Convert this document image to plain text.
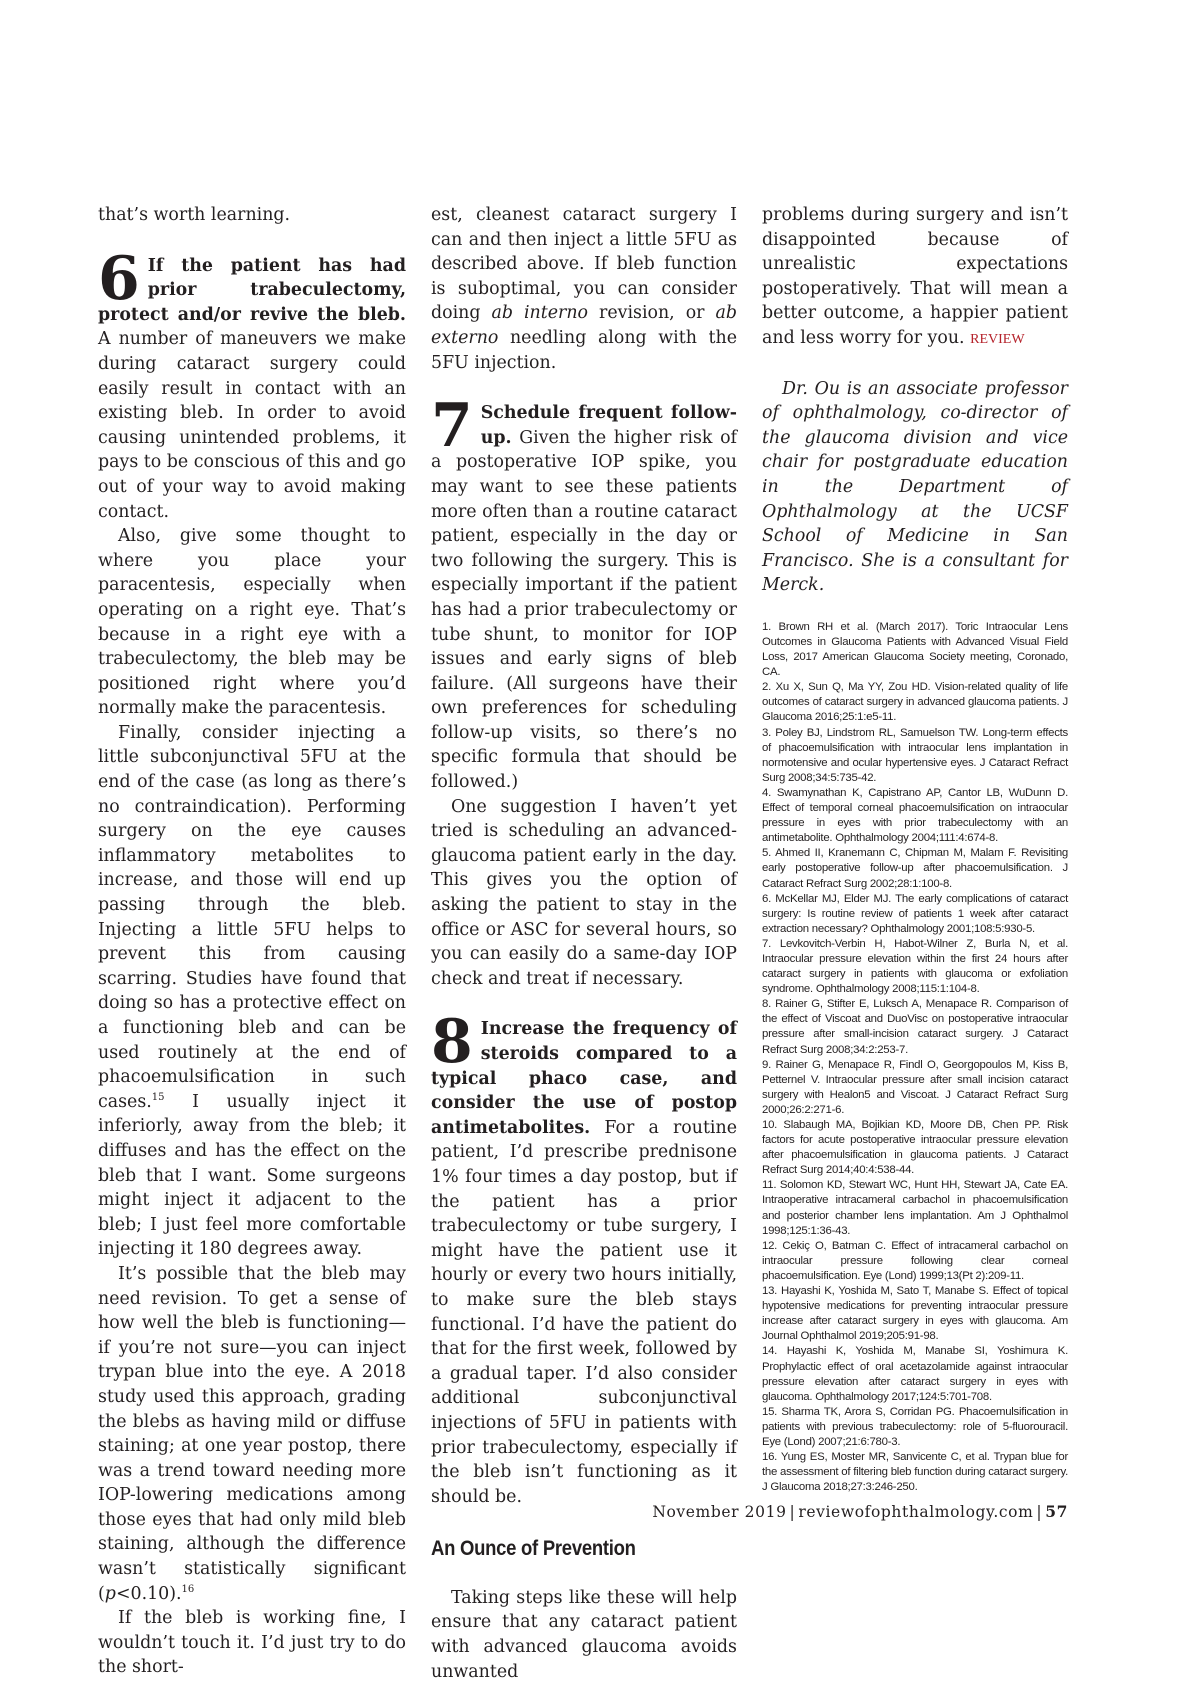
that’s worth learning.

6 If the patient has had prior trabeculectomy, protect and/or revive the bleb. A number of maneuvers we make during cataract surgery could easily result in contact with an existing bleb. In order to avoid causing unintended problems, it pays to be conscious of this and go out of your way to avoid making contact.

Also, give some thought to where you place your paracentesis, especially when operating on a right eye. That’s because in a right eye with a trabeculectomy, the bleb may be positioned right where you’d normally make the paracentesis.

Finally, consider injecting a little subconjunctival 5FU at the end of the case (as long as there’s no contraindication). Performing surgery on the eye causes inflammatory metabolites to increase, and those will end up passing through the bleb. Injecting a little 5FU helps to prevent this from causing scarring. Studies have found that doing so has a protective effect on a functioning bleb and can be used routinely at the end of phacoemulsification in such cases.$^{15}$ I usually inject it inferiorly, away from the bleb; it diffuses and has the effect on the bleb that I want. Some surgeons might inject it adjacent to the bleb; I just feel more comfortable injecting it 180 degrees away.

It’s possible that the bleb may need revision. To get a sense of how well the bleb is functioning—if you’re not sure—you can inject trypan blue into the eye. A 2018 study used this approach, grading the blebs as having mild or diffuse staining; at one year postop, there was a trend toward needing more IOP-lowering medications among those eyes that had only mild bleb staining, although the difference wasn’t statistically significant (p<0.10).$^{16}$

If the bleb is working fine, I wouldn’t touch it. I’d just try to do the short-

est, cleanest cataract surgery I can and then inject a little 5FU as described above. If bleb function is suboptimal, you can consider doing ab interno revision, or ab externo needling along with the 5FU injection.

7 Schedule frequent follow-up. Given the higher risk of a postoperative IOP spike, you may want to see these patients more often than a routine cataract patient, especially in the day or two following the surgery. This is especially important if the patient has had a prior trabeculectomy or tube shunt, to monitor for IOP issues and early signs of bleb failure. (All surgeons have their own preferences for scheduling follow-up visits, so there’s no specific formula that should be followed.)

One suggestion I haven’t yet tried is scheduling an advanced-glaucoma patient early in the day. This gives you the option of asking the patient to stay in the office or ASC for several hours, so you can easily do a same-day IOP check and treat if necessary.

8 Increase the frequency of steroids compared to a typical phaco case, and consider the use of postop antimetabolites. For a routine patient, I’d prescribe prednisone 1% four times a day postop, but if the patient has a prior trabeculectomy or tube surgery, I might have the patient use it hourly or every two hours initially, to make sure the bleb stays functional. I’d have the patient do that for the first week, followed by a gradual taper. I’d also consider additional subconjunctival injections of 5FU in patients with prior trabeculectomy, especially if the bleb isn’t functioning as it should be.

An Ounce of Prevention

Taking steps like these will help ensure that any cataract patient with advanced glaucoma avoids unwanted

problems during surgery and isn’t disappointed because of unrealistic expectations postoperatively. That will mean a better outcome, a happier patient and less worry for you. REVIEW

Dr. Ou is an associate professor of ophthalmology, co-director of the glaucoma division and vice chair for postgraduate education in the Department of Ophthalmology at the UCSF School of Medicine in San Francisco. She is a consultant for Merck.

1. Brown RH et al. (March 2017). Toric Intraocular Lens Outcomes in Glaucoma Patients with Advanced Visual Field Loss, 2017 American Glaucoma Society meeting, Coronado, CA.

2. Xu X, Sun Q, Ma YY, Zou HD. Vision-related quality of life outcomes of cataract surgery in advanced glaucoma patients. J Glaucoma 2016;25:1:e5-11.

3. Poley BJ, Lindstrom RL, Samuelson TW. Long-term effects of phacoemulsification with intraocular lens implantation in normotensive and ocular hypertensive eyes. J Cataract Refract Surg 2008;34:5:735-42.

4. Swamynathan K, Capistrano AP, Cantor LB, WuDunn D. Effect of temporal corneal phacoemulsification on intraocular pressure in eyes with prior trabeculectomy with an antimetabolite. Ophthalmology 2004;111:4:674-8.

5. Ahmed II, Kranemann C, Chipman M, Malam F. Revisiting early postoperative follow-up after phacoemulsification. J Cataract Refract Surg 2002;28:1:100-8.

6. McKellar MJ, Elder MJ. The early complications of cataract surgery: Is routine review of patients 1 week after cataract extraction necessary? Ophthalmology 2001;108:5:930-5.

7. Levkovitch-Verbin H, Habot-Wilner Z, Burla N, et al. Intraocular pressure elevation within the first 24 hours after cataract surgery in patients with glaucoma or exfoliation syndrome. Ophthalmology 2008;115:1:104-8.

8. Rainer G, Stifter E, Luksch A, Menapace R. Comparison of the effect of Viscoat and DuoVisc on postoperative intraocular pressure after small-incision cataract surgery. J Cataract Refract Surg 2008;34:2:253-7.

9. Rainer G, Menapace R, Findl O, Georgopoulos M, Kiss B, Petternel V. Intraocular pressure after small incision cataract surgery with Healon5 and Viscoat. J Cataract Refract Surg 2000;26:2:271-6.

10. Slabaugh MA, Bojikian KD, Moore DB, Chen PP. Risk factors for acute postoperative intraocular pressure elevation after phacoemulsification in glaucoma patients. J Cataract Refract Surg 2014;40:4:538-44.

11. Solomon KD, Stewart WC, Hunt HH, Stewart JA, Cate EA. Intraoperative intracameral carbachol in phacoemulsification and posterior chamber lens implantation. Am J Ophthalmol 1998;125:1:36-43.

12. Cekiç O, Batman C. Effect of intracameral carbachol on intraocular pressure following clear corneal phacoemulsification. Eye (Lond) 1999;13(Pt 2):209-11.

13. Hayashi K, Yoshida M, Sato T, Manabe S. Effect of topical hypotensive medications for preventing intraocular pressure increase after cataract surgery in eyes with glaucoma. Am Journal Ophthalmol 2019;205:91-98.

14. Hayashi K, Yoshida M, Manabe SI, Yoshimura K. Prophylactic effect of oral acetazolamide against intraocular pressure elevation after cataract surgery in eyes with glaucoma. Ophthalmology 2017;124:5:701-708.

15. Sharma TK, Arora S, Corridan PG. Phacoemulsification in patients with previous trabeculectomy: role of 5-fluorouracil. Eye (Lond) 2007;21:6:780-3.

16. Yung ES, Moster MR, Sanvicente C, et al. Trypan blue for the assessment of filtering bleb function during cataract surgery. J Glaucoma 2018;27:3:246-250.

November 2019 | reviewofophthalmology.com | 57
